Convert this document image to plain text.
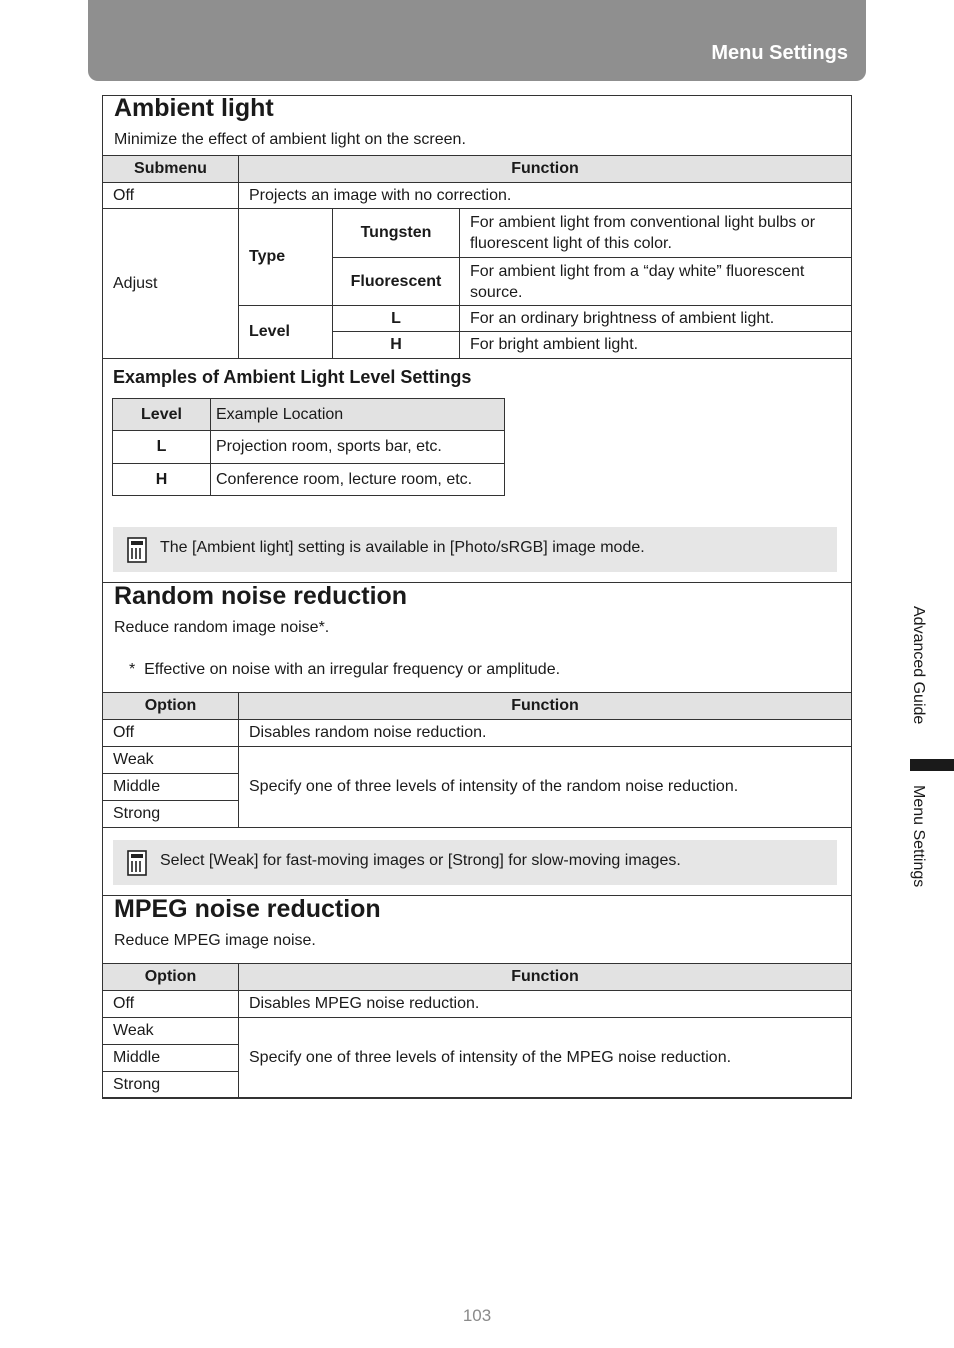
Menu Settings
Ambient light
Minimize the effect of ambient light on the screen.
Submenu	Function		
Off	Projects an image with no correction.		
Adjust	Type	Tungsten	For ambient light from conventional light bulbs or fluorescent light of this color.
		Fluorescent	For ambient light from a “day white” fluorescent source.
	Level	L	For an ordinary brightness of ambient light.
		H	For bright ambient light.
Examples of Ambient Light Level Settings
Level	Example Location
L	Projection room, sports bar, etc.
H	Conference room, lecture room, etc.
The [Ambient light] setting is available in [Photo/sRGB] image mode.
Random noise reduction
Reduce random image noise*.
*  Effective on noise with an irregular frequency or amplitude.
Option	Function
Off	Disables random noise reduction.
Weak	Specify one of three levels of intensity of the random noise reduction.
Middle	
Strong	
Select [Weak] for fast-moving images or [Strong] for slow-moving images.
MPEG noise reduction
Reduce MPEG image noise.
Option	Function
Off	Disables MPEG noise reduction.
Weak	Specify one of three levels of intensity of the MPEG noise reduction.
Middle	
Strong	
Advanced Guide
Menu Settings
103
